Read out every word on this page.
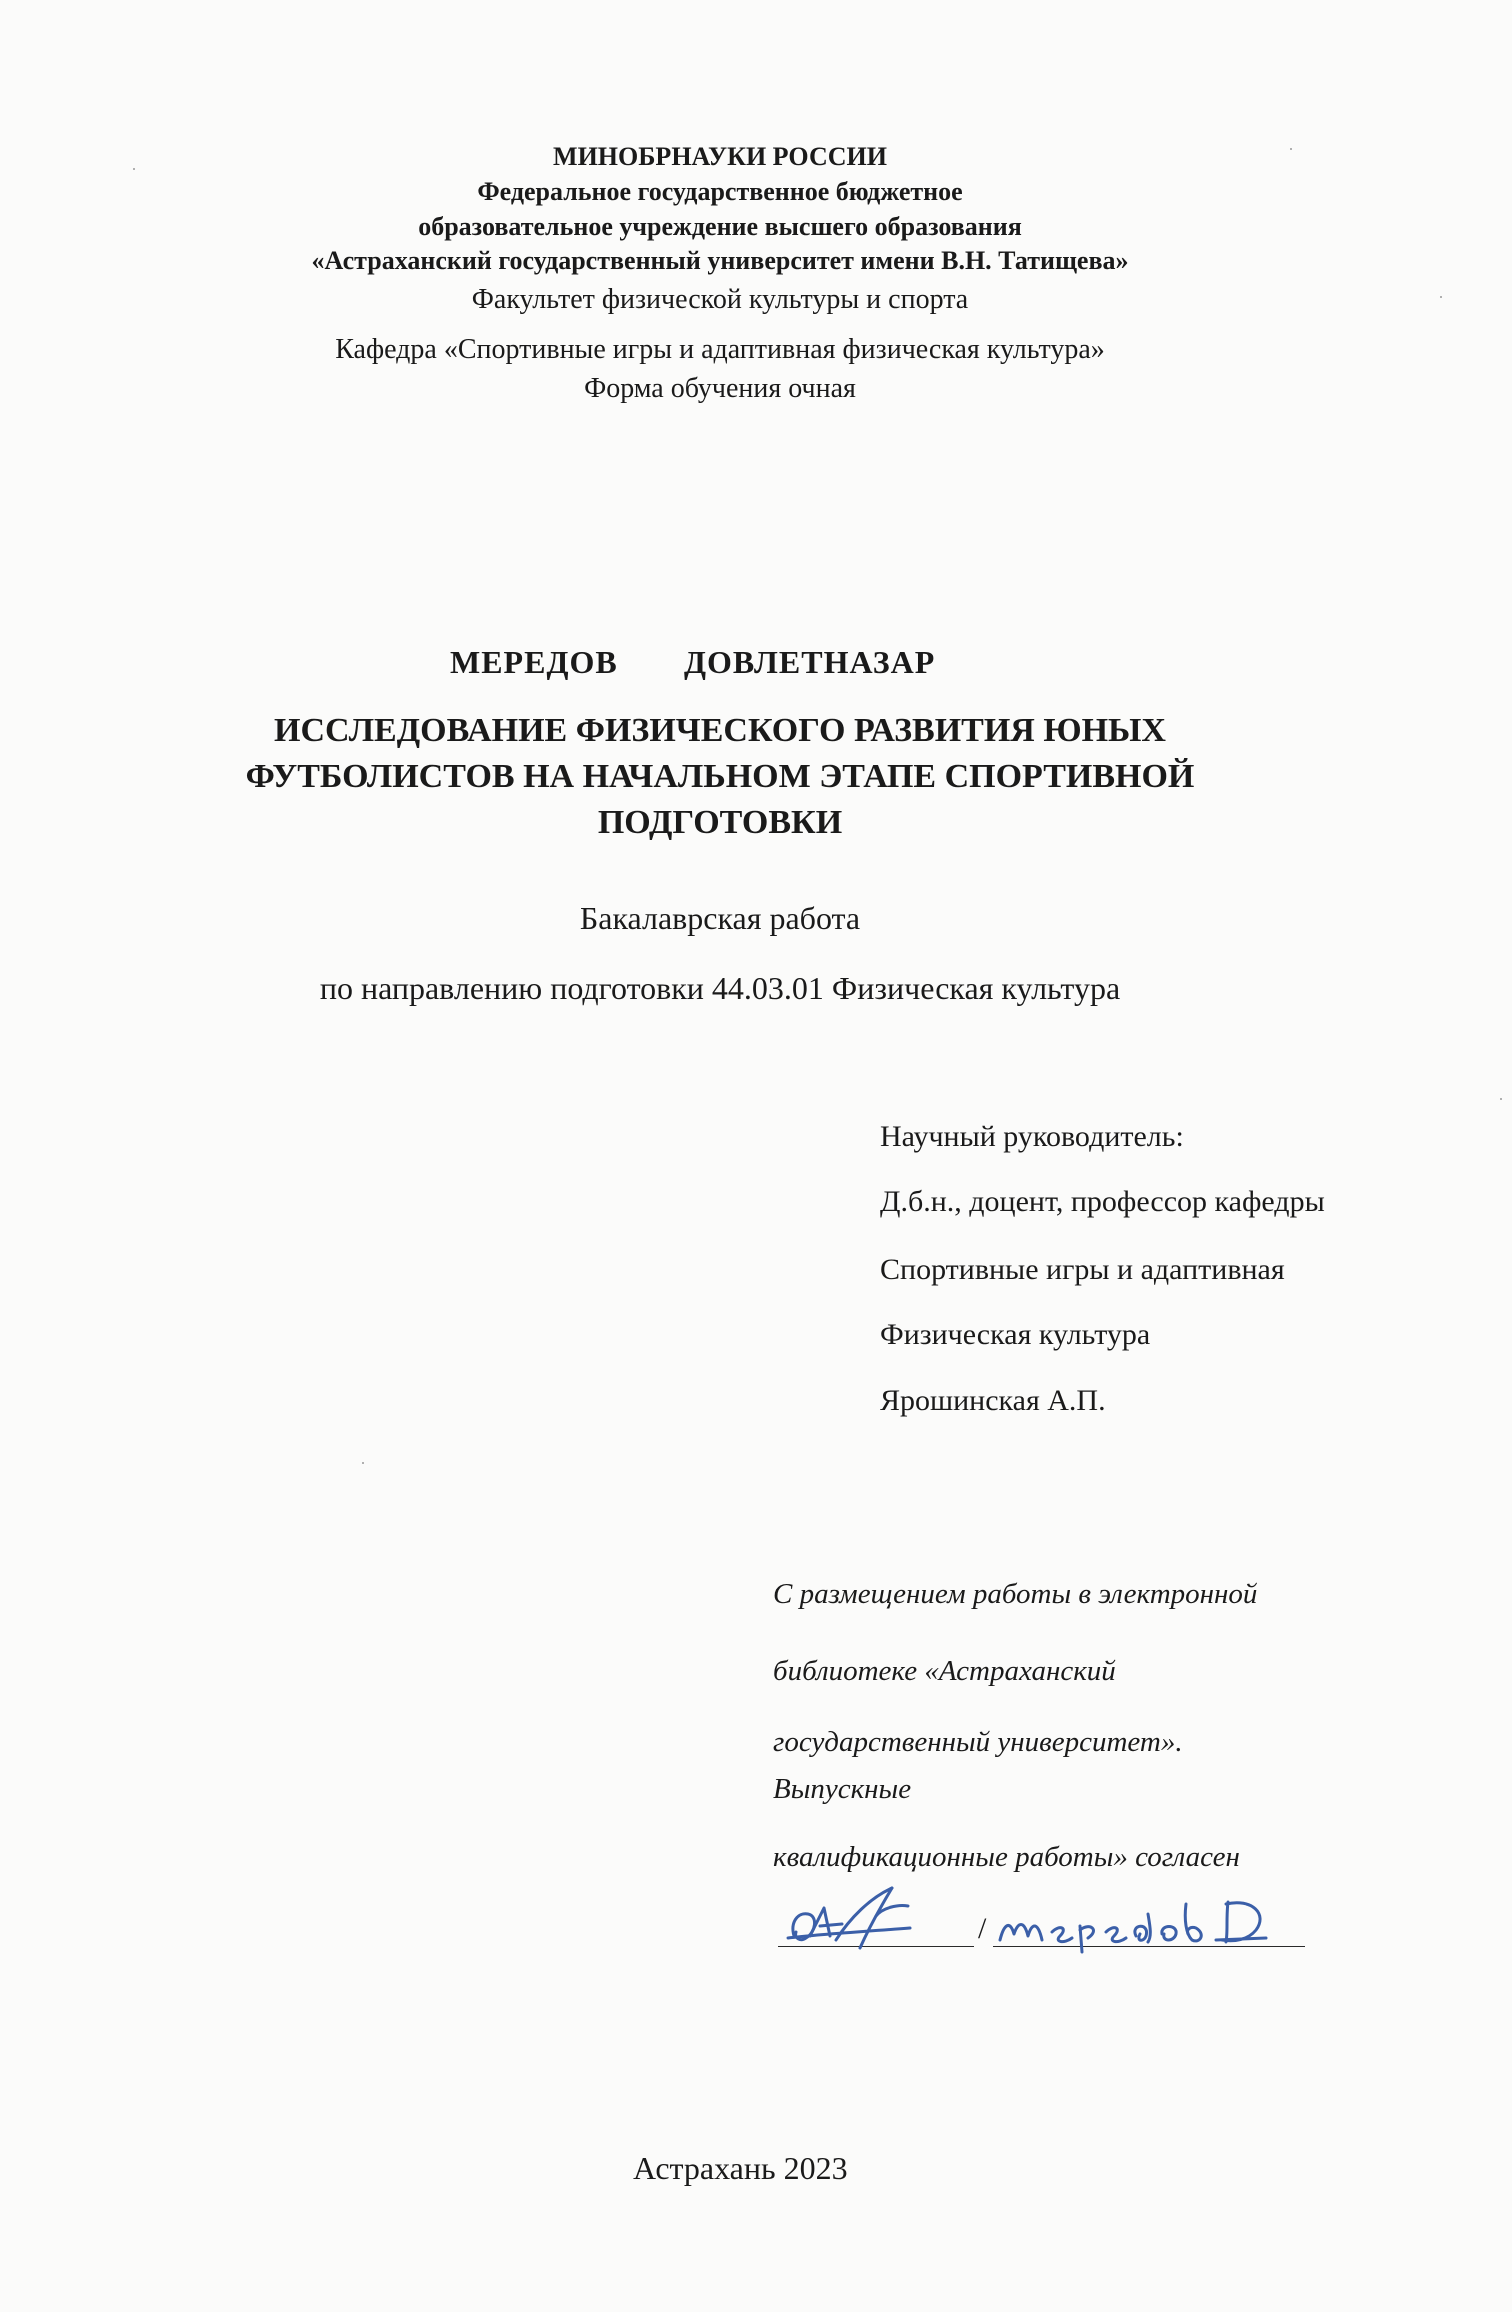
МИНОБРНАУКИ РОССИИ
Федеральное государственное бюджетное
образовательное учреждение высшего образования
«Астраханский государственный университет имени В.Н. Татищева»
Факультет физической культуры и спорта
Кафедра «Спортивные игры и адаптивная физическая культура»
Форма обучения очная
МЕРЕДОВ ДОВЛЕТНАЗАР
ИССЛЕДОВАНИЕ ФИЗИЧЕСКОГО РАЗВИТИЯ ЮНЫХ
ФУТБОЛИСТОВ НА НАЧАЛЬНОМ ЭТАПЕ СПОРТИВНОЙ
ПОДГОТОВКИ
Бакалаврская работа
по направлению подготовки 44.03.01 Физическая культура
Научный руководитель:
Д.б.н., доцент, профессор кафедры
Спортивные игры и адаптивная
Физическая культура
Ярошинская А.П.
С размещением работы в электронной
библиотеке «Астраханский
государственный университет».
Выпускные
квалификационные работы» согласен
/
Астрахань 2023
